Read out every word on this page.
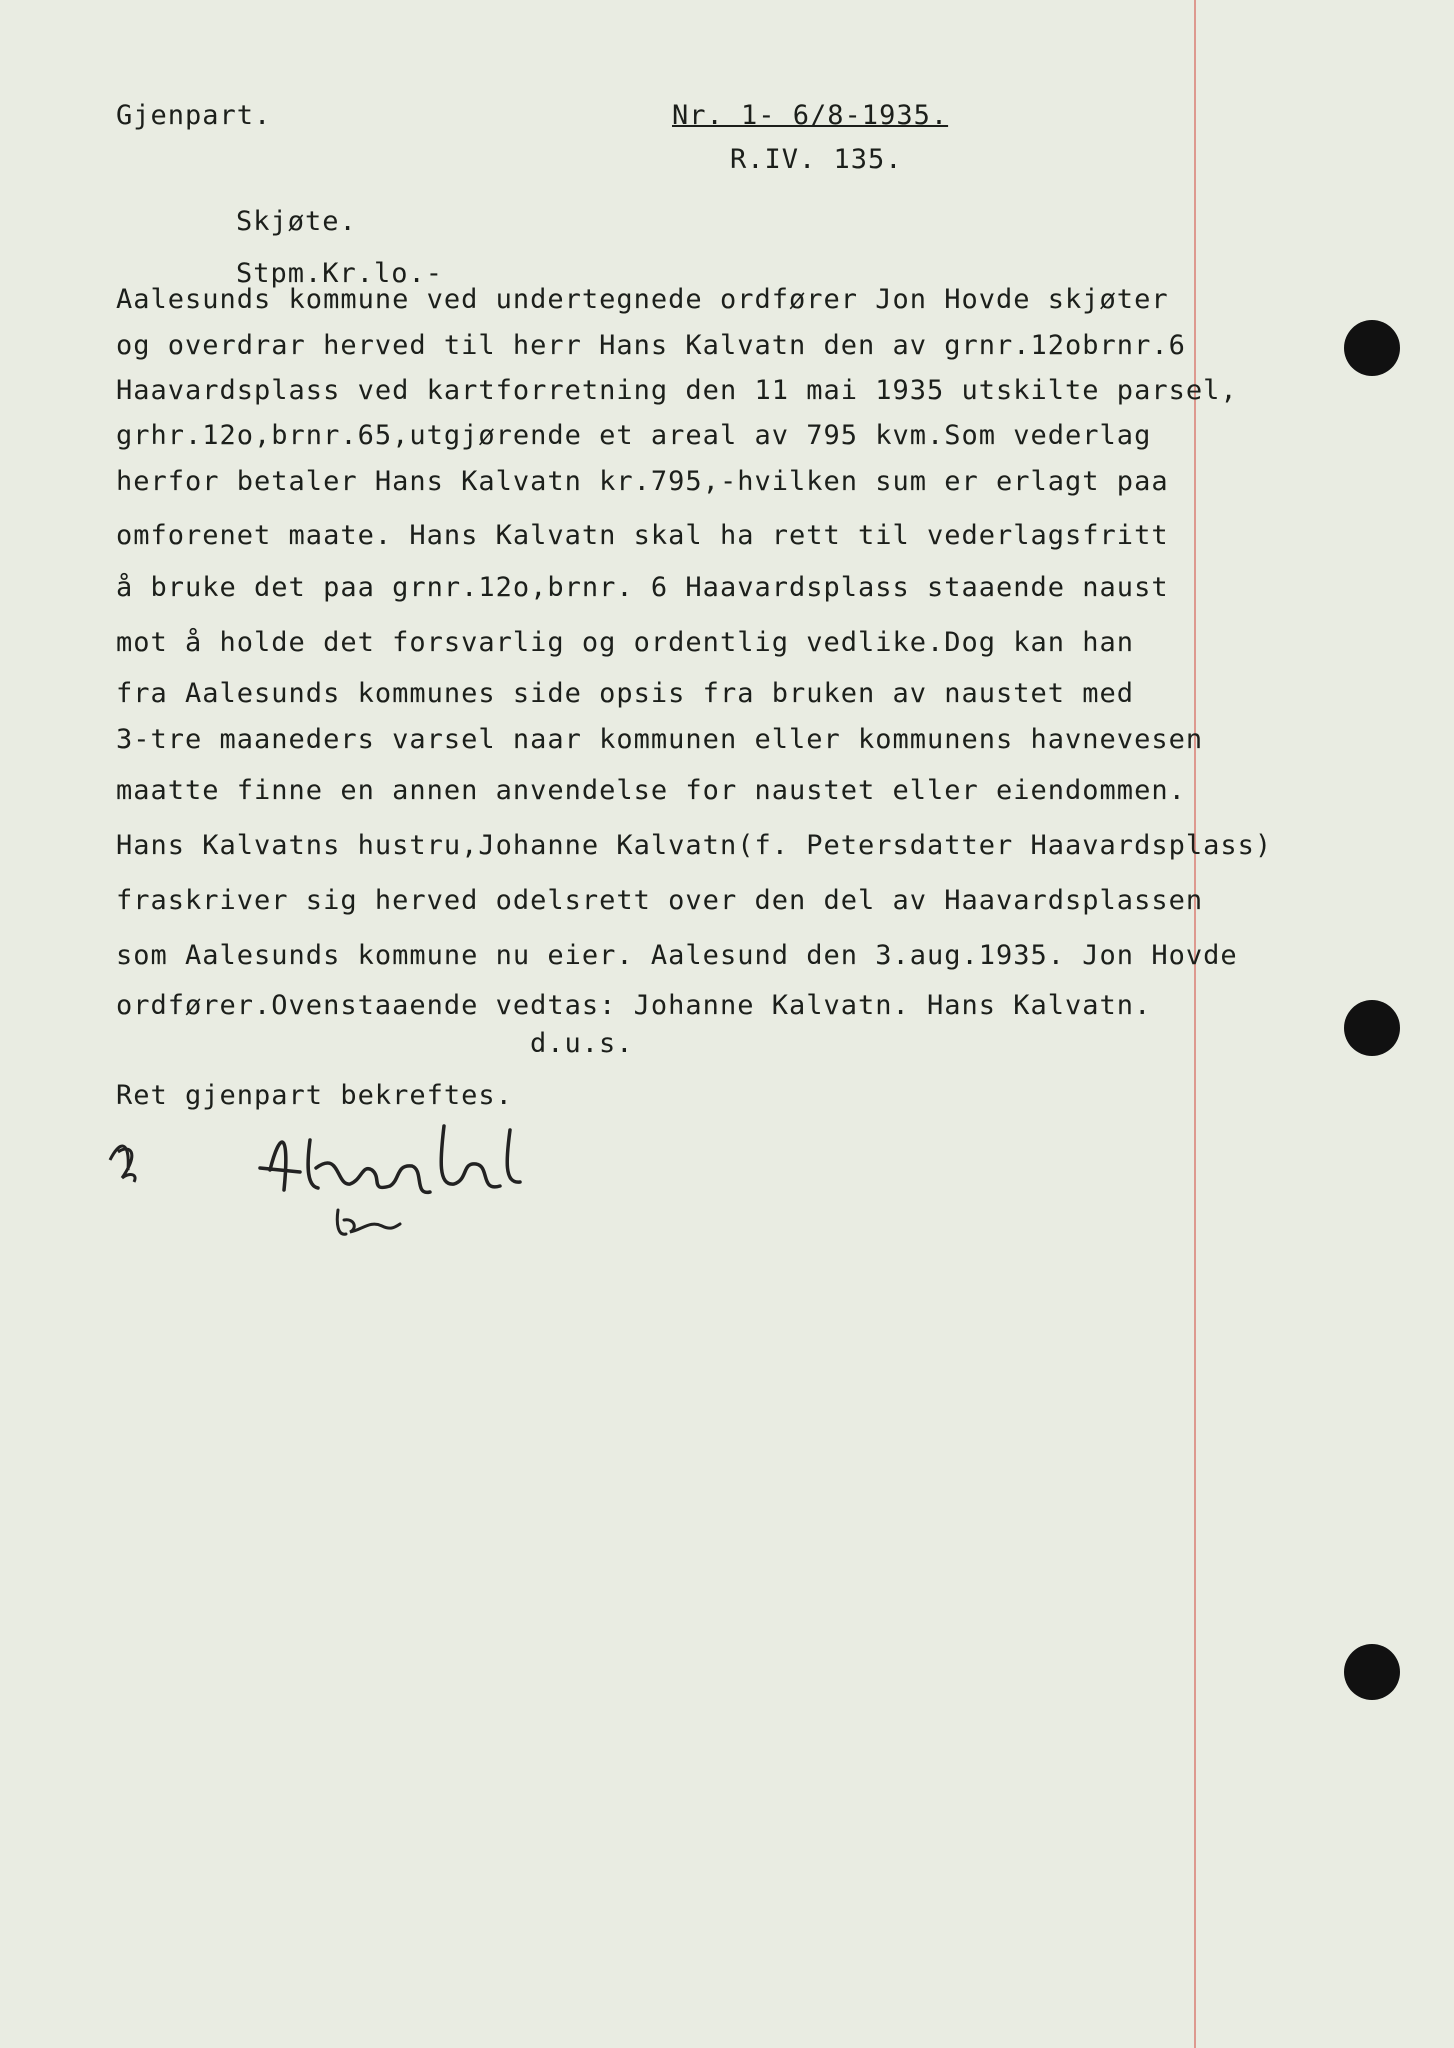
Gjenpart.	Nr. 1- 6/8-1935.
R.IV. 135.
Skjøte.
Stpm.Kr.lo.-
Aalesunds kommune ved undertegnede ordfører Jon Hovde skjøter
og overdrar herved til herr Hans Kalvatn den av grnr.12obrnr.6
Haavardsplass ved kartforretning den 11 mai 1935 utskilte parsel,
grhr.12o,brnr.65,utgjørende et areal av 795 kvm.Som vederlag
herfor betaler Hans Kalvatn kr.795,-hvilken sum er erlagt paa
omforenet maate. Hans Kalvatn skal ha rett til vederlagsfritt
å bruke det paa grnr.12o,brnr. 6 Haavardsplass staaende naust
mot å holde det forsvarlig og ordentlig vedlike.Dog kan han
fra Aalesunds kommunes side opsis fra bruken av naustet med
3-tre maaneders varsel naar kommunen eller kommunens havnevesen
maatte finne en annen anvendelse for naustet eller eiendommen.
Hans Kalvatns hustru,Johanne Kalvatn(f. Petersdatter Haavardsplass)
fraskriver sig herved odelsrett over den del av Haavardsplassen
som Aalesunds kommune nu eier. Aalesund den 3.aug.1935. Jon Hovde
ordfører.Ovenstaaende vedtas: Johanne Kalvatn. Hans Kalvatn.
d.u.s.
Ret gjenpart bekreftes.
